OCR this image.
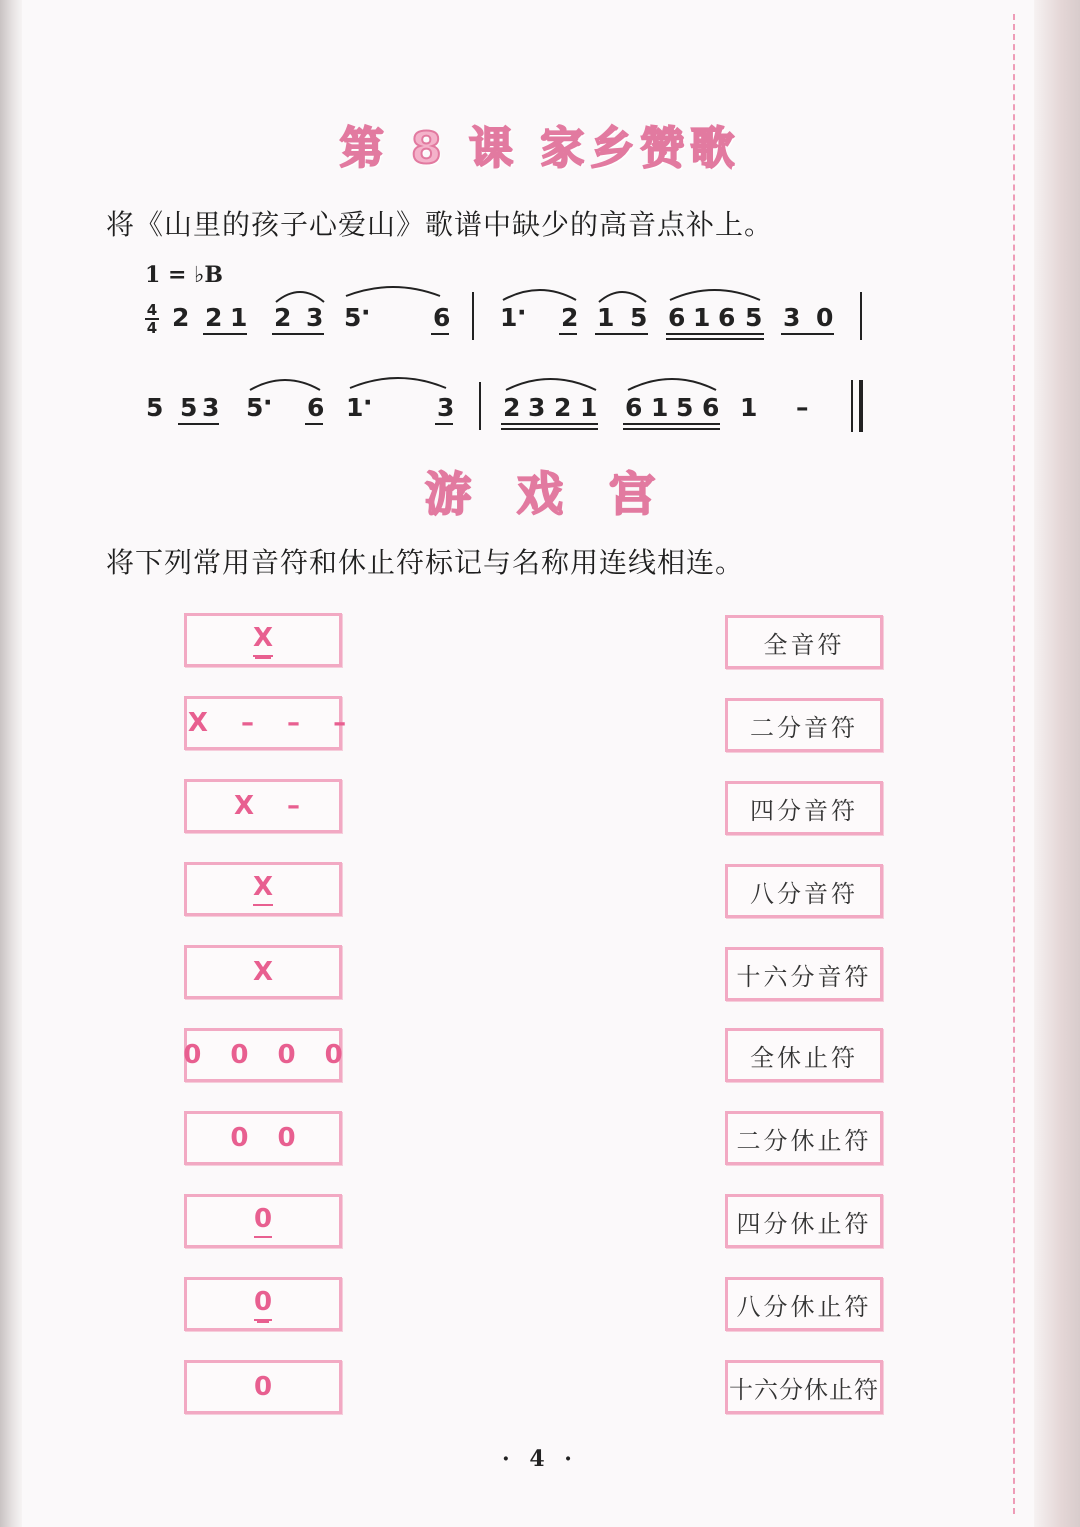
第 8 课 家乡赞歌
将《山里的孩子心爱山》歌谱中缺少的高音点补上。
1 = ♭B
4
4 2 2 1 2 3 5 ·	6 1 · 2 1 5 6 1 6 5 3 0
5 5 3 5 · 6 1 ·	3 2 3 2 1 6 1 5 6 1 –
游戏宫
将下列常用音符和休止符标记与名称用连线相连。
X
X – – –
X –
X
X
0 0 0 0
0 0
0
0
0
全音符
二分音符
四分音符
八分音符
十六分音符
全休止符
二分休止符
四分休止符
八分休止符
十六分休止符
· 4 ·
